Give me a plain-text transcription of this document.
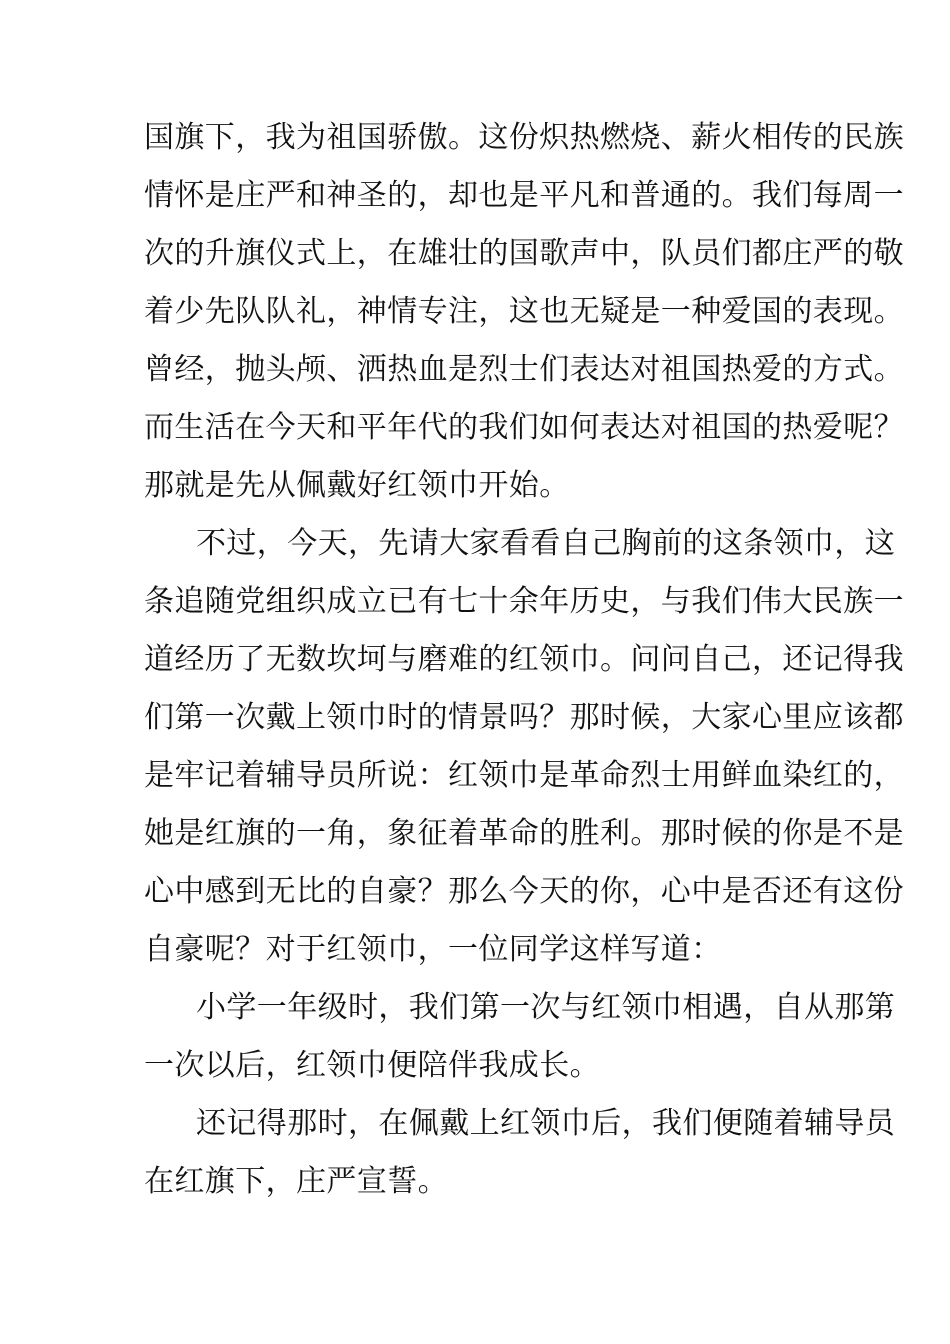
国旗下，我为祖国骄傲。这份炽热燃烧、薪火相传的民族
情怀是庄严和神圣的，却也是平凡和普通的。我们每周一
次的升旗仪式上，在雄壮的国歌声中，队员们都庄严的敬
着少先队队礼，神情专注，这也无疑是一种爱国的表现。
曾经，抛头颅、洒热血是烈士们表达对祖国热爱的方式。
而生活在今天和平年代的我们如何表达对祖国的热爱呢？
那就是先从佩戴好红领巾开始。
不过，今天，先请大家看看自己胸前的这条领巾，这
条追随党组织成立已有七十余年历史，与我们伟大民族一
道经历了无数坎坷与磨难的红领巾。问问自己，还记得我
们第一次戴上领巾时的情景吗？那时候，大家心里应该都
是牢记着辅导员所说：红领巾是革命烈士用鲜血染红的，
她是红旗的一角，象征着革命的胜利。那时候的你是不是
心中感到无比的自豪？那么今天的你，心中是否还有这份
自豪呢？对于红领巾，一位同学这样写道：
小学一年级时，我们第一次与红领巾相遇，自从那第
一次以后，红领巾便陪伴我成长。
还记得那时，在佩戴上红领巾后，我们便随着辅导员
在红旗下，庄严宣誓。
